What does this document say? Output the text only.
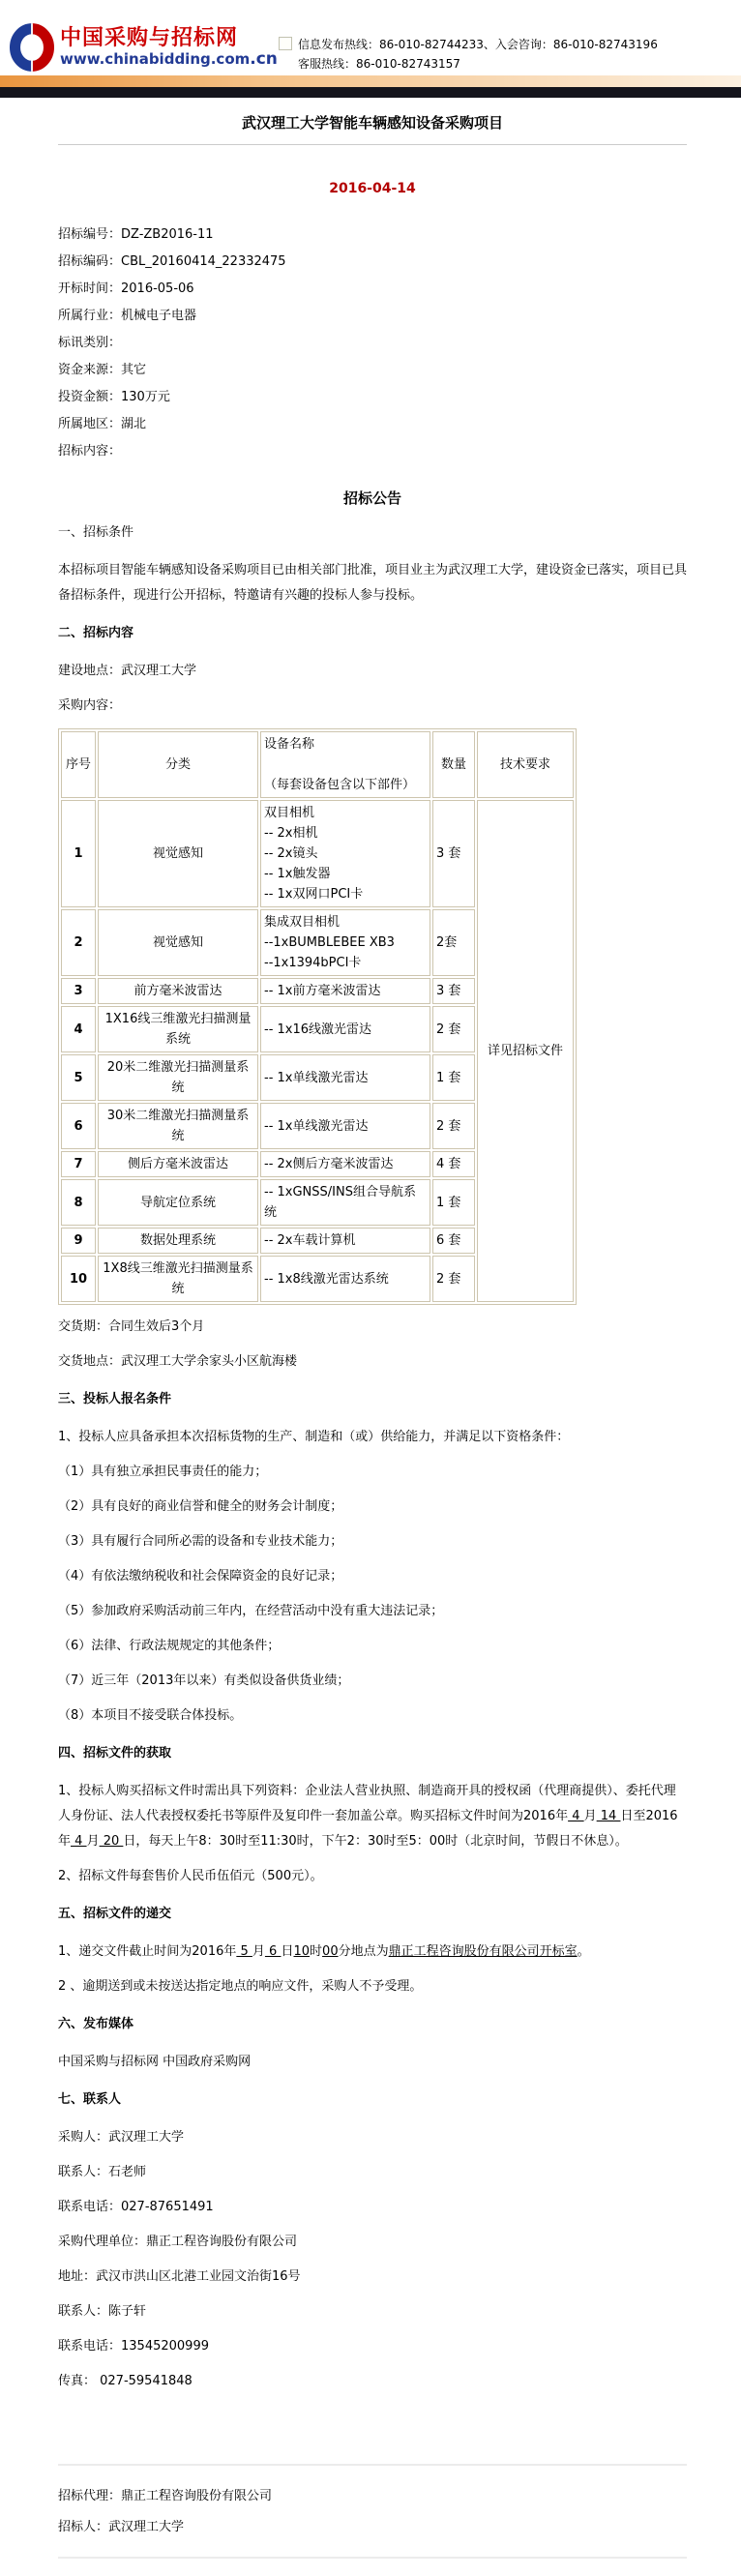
中国采购与招标网
www.chinabidding.com.cn
信息发布热线：86-010-82744233、入会咨询：86-010-82743196
客服热线：86-010-82743157
武汉理工大学智能车辆感知设备采购项目
2016-04-14

招标编号：DZ-ZB2016-11

招标编码：CBL_20160414_22332475

开标时间：2016-05-06

所属行业：机械电子电器

标讯类别：

资金来源：其它

投资金额：130万元

所属地区：湖北

招标内容：

招标公告

一、招标条件

本招标项目智能车辆感知设备采购项目已由相关部门批准，项目业主为武汉理工大学，建设资金已落实，项目已具备招标条件，现进行公开招标，特邀请有兴趣的投标人参与投标。

二、招标内容

建设地点：武汉理工大学

采购内容：

序号	分类	设备名称
（每套设备包含以下部件）	数量	技术要求
1	视觉感知	双目相机
-- 2x相机
-- 2x镜头
-- 1x触发器
-- 1x双网口PCI卡	3 套	详见招标文件
2	视觉感知	集成双目相机
--1xBUMBLEBEE XB3
--1x1394bPCI卡	2套	
3	前方毫米波雷达	-- 1x前方毫米波雷达	3 套	
4	1X16线三维激光扫描测量系统	-- 1x16线激光雷达	2 套	
5	20米二维激光扫描测量系统	-- 1x单线激光雷达	1 套	
6	30米二维激光扫描测量系统	-- 1x单线激光雷达	2 套	
7	侧后方毫米波雷达	-- 2x侧后方毫米波雷达	4 套	
8	导航定位系统	-- 1xGNSS/INS组合导航系统	1 套	
9	数据处理系统	-- 2x车载计算机	6 套	
10	1X8线三维激光扫描测量系统	-- 1x8线激光雷达系统	2 套	

交货期：合同生效后3个月

交货地点：武汉理工大学余家头小区航海楼

三、投标人报名条件

1、投标人应具备承担本次招标货物的生产、制造和（或）供给能力，并满足以下资格条件：

（1）具有独立承担民事责任的能力；

（2）具有良好的商业信誉和健全的财务会计制度；

（3）具有履行合同所必需的设备和专业技术能力；

（4）有依法缴纳税收和社会保障资金的良好记录；

（5）参加政府采购活动前三年内，在经营活动中没有重大违法记录；

（6）法律、行政法规规定的其他条件；

（7）近三年（2013年以来）有类似设备供货业绩；

（8）本项目不接受联合体投标。

四、招标文件的获取

1、投标人购买招标文件时需出具下列资料：企业法人营业执照、制造商开具的授权函（代理商提供）、委托代理人身份证、法人代表授权委托书等原件及复印件一套加盖公章。购买招标文件时间为2016年 4 月 14 日至2016年 4 月 20 日，每天上午8：30时至11:30时，下午2：30时至5：00时（北京时间，节假日不休息）。

2、招标文件每套售价人民币伍佰元（500元）。

五、招标文件的递交

1、递交文件截止时间为2016年 5 月 6 日10时00分地点为鼎正工程咨询股份有限公司开标室。

2 、逾期送到或未按送达指定地点的响应文件，采购人不予受理。

六、发布媒体

中国采购与招标网 中国政府采购网

七、联系人

采购人：武汉理工大学

联系人：石老师

联系电话：027-87651491

采购代理单位：鼎正工程咨询股份有限公司

地址：武汉市洪山区北港工业园文治街16号

联系人：陈子轩

联系电话：13545200999

传真： 027-59541848

招标代理：鼎正工程咨询股份有限公司

招标人：武汉理工大学
